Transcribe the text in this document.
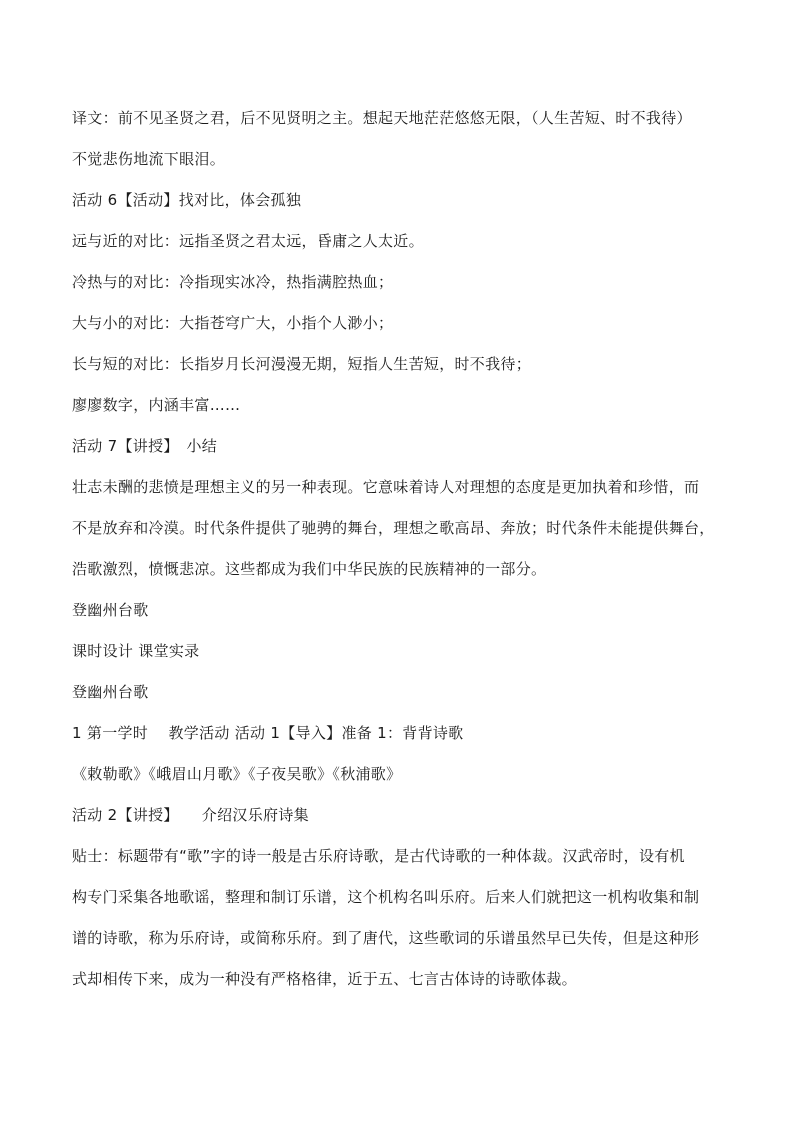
译文：前不见圣贤之君，后不见贤明之主。想起天地茫茫悠悠无限，（人生苦短、时不我待）

不觉悲伤地流下眼泪。

活动 6【活动】找对比，体会孤独

远与近的对比：远指圣贤之君太远，昏庸之人太近。

冷热与的对比：冷指现实冰冷，热指满腔热血；

大与小的对比：大指苍穹广大，小指个人渺小；

长与短的对比：长指岁月长河漫漫无期，短指人生苦短，时不我待；

廖廖数字，内涵丰富……

活动 7【讲授】　小结

壮志未酬的悲愤是理想主义的另一种表现。它意味着诗人对理想的态度是更加执着和珍惜，而

不是放弃和冷漠。时代条件提供了驰骋的舞台，理想之歌高昂、奔放；时代条件未能提供舞台，

浩歌激烈，愤慨悲凉。这些都成为我们中华民族的民族精神的一部分。

登幽州台歌

课时设计 课堂实录

登幽州台歌

1 第一学时　 教学活动 活动 1【导入】准备 1：背背诗歌

《敕勒歌》《峨眉山月歌》《子夜吴歌》《秋浦歌》

活动 2【讲授】　　介绍汉乐府诗集

贴士：标题带有“歌”字的诗一般是古乐府诗歌，是古代诗歌的一种体裁。汉武帝时，设有机

构专门采集各地歌谣，整理和制订乐谱，这个机构名叫乐府。后来人们就把这一机构收集和制

谱的诗歌，称为乐府诗，或简称乐府。到了唐代，这些歌词的乐谱虽然早已失传，但是这种形

式却相传下来，成为一种没有严格格律，近于五、七言古体诗的诗歌体裁。
